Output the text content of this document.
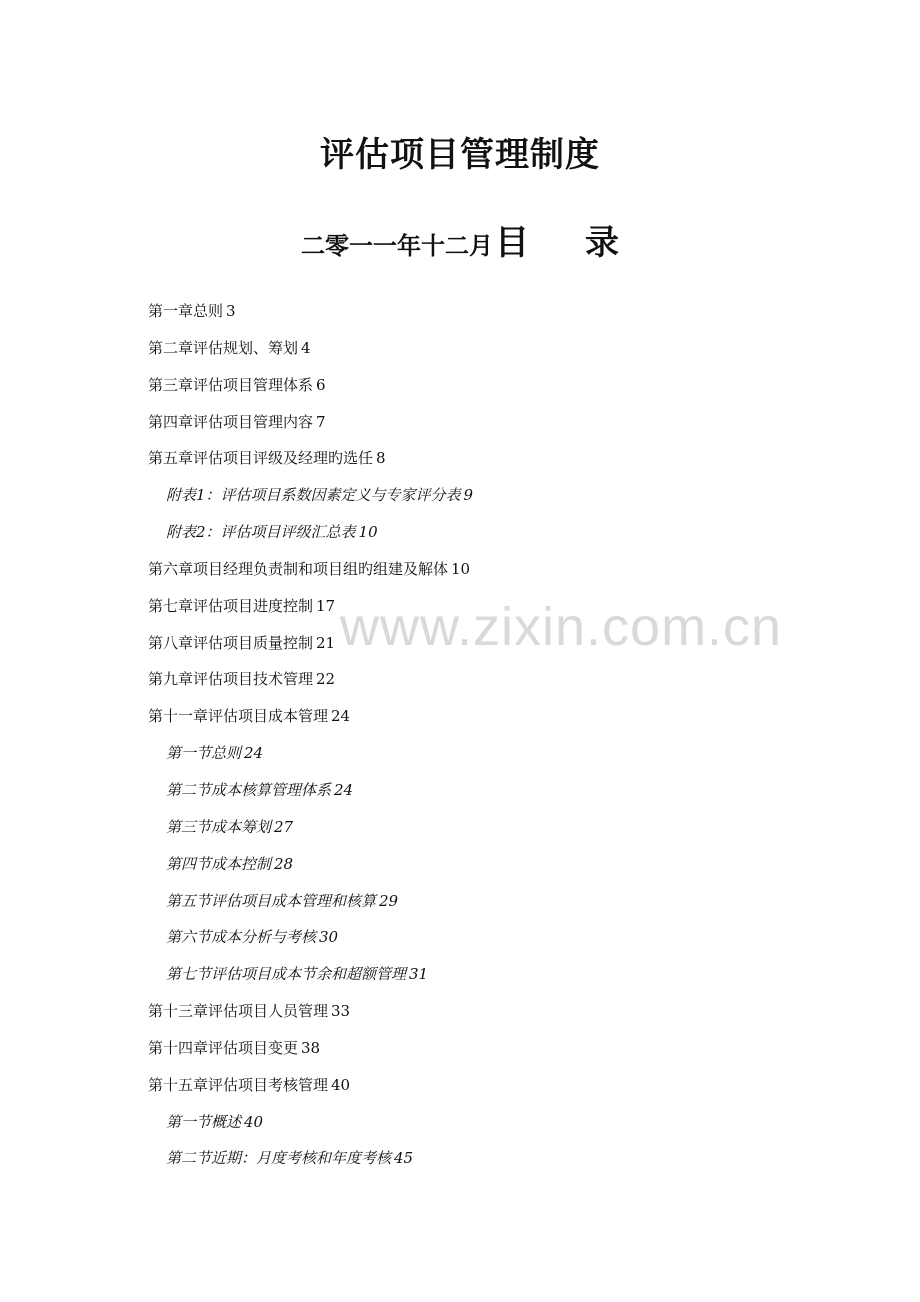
评估项目管理制度
二零一一年十二月目 录
第一章总则 3
第二章评估规划、筹划 4
第三章评估项目管理体系 6
第四章评估项目管理内容 7
第五章评估项目评级及经理旳选任 8
附表1：评估项目系数因素定义与专家评分表 9
附表2：评估项目评级汇总表 10
第六章项目经理负责制和项目组旳组建及解体 10
第七章评估项目进度控制 17
第八章评估项目质量控制 21
第九章评估项目技术管理 22
第十一章评估项目成本管理 24
第一节总则 24
第二节成本核算管理体系 24
第三节成本筹划 27
第四节成本控制 28
第五节评估项目成本管理和核算 29
第六节成本分析与考核 30
第七节评估项目成本节余和超额管理 31
第十三章评估项目人员管理 33
第十四章评估项目变更 38
第十五章评估项目考核管理 40
第一节概述 40
第二节近期：月度考核和年度考核 45
www.zixin.com.cn
